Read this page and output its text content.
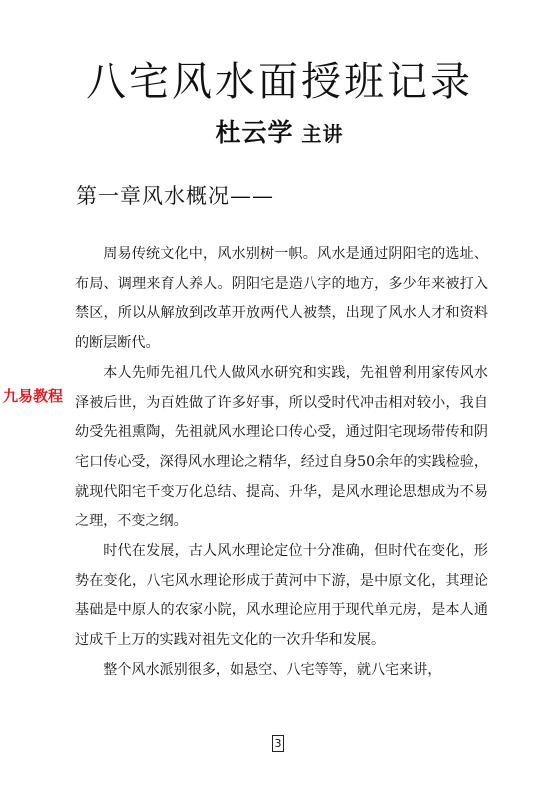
八宅风水面授班记录
杜云学 主讲
第一章风水概况——

周易传统文化中，风水别树一帜。风水是通过阴阳宅的选址、布局、调理来育人养人。阴阳宅是造八字的地方，多少年来被打入禁区，所以从解放到改革开放两代人被禁，出现了风水人才和资料的断层断代。

本人先师先祖几代人做风水研究和实践，先祖曾利用家传风水泽被后世，为百姓做了许多好事，所以受时代冲击相对较小，我自幼受先祖熏陶，先祖就风水理论口传心受，通过阳宅现场带传和阴宅口传心受，深得风水理论之精华，经过自身50余年的实践检验，就现代阳宅千变万化总结、提高、升华，是风水理论思想成为不易之理，不变之纲。

时代在发展，古人风水理论定位十分准确，但时代在变化，形势在变化，八宅风水理论形成于黄河中下游，是中原文化，其理论基础是中原人的农家小院，风水理论应用于现代单元房，是本人通过成千上万的实践对祖先文化的一次升华和发展。

整个风水派别很多，如悬空、八宅等等，就八宅来讲，

九易教程
3
